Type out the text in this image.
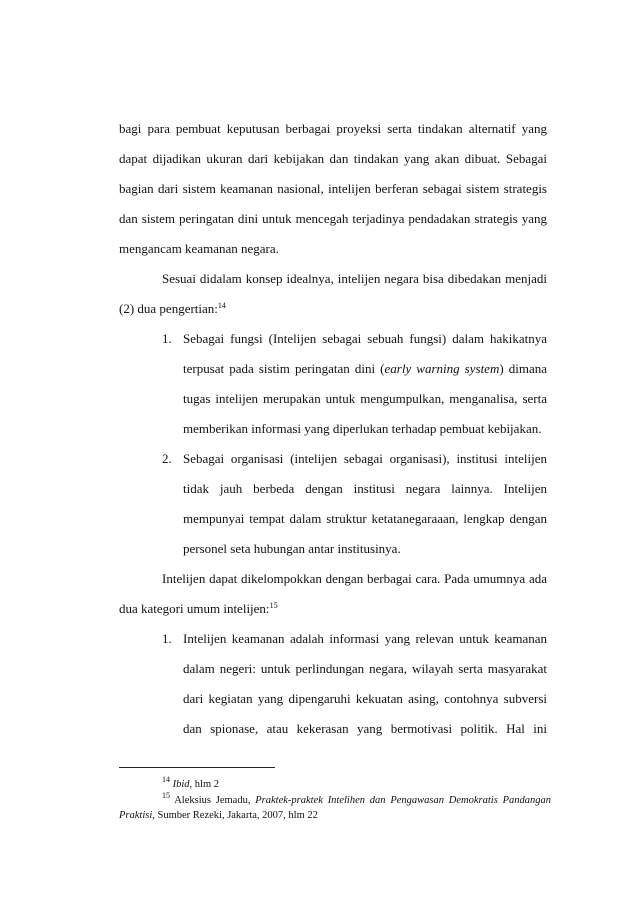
bagi para pembuat keputusan berbagai proyeksi serta tindakan alternatif yang
dapat dijadikan ukuran dari kebijakan dan tindakan yang akan dibuat. Sebagai
bagian dari sistem keamanan nasional, intelijen berferan sebagai sistem strategis
dan sistem peringatan dini untuk mencegah terjadinya pendadakan strategis yang
mengancam keamanan negara.
Sesuai didalam konsep idealnya, intelijen negara bisa dibedakan menjadi
(2) dua pengertian:$^{14}$
1. Sebagai fungsi (Intelijen sebagai sebuah fungsi) dalam hakikatnya
terpusat pada sistim peringatan dini (early warning system) dimana
tugas intelijen merupakan untuk mengumpulkan, menganalisa, serta
memberikan informasi yang diperlukan terhadap pembuat kebijakan.
2. Sebagai organisasi (intelijen sebagai organisasi), institusi intelijen
tidak jauh berbeda dengan institusi negara lainnya. Intelijen
mempunyai tempat dalam struktur ketatanegaraaan, lengkap dengan
personel seta hubungan antar institusinya.
Intelijen dapat dikelompokkan dengan berbagai cara. Pada umumnya ada
dua kategori umum intelijen:$^{15}$
1. Intelijen keamanan adalah informasi yang relevan untuk keamanan
dalam negeri: untuk perlindungan negara, wilayah serta masyarakat
dari kegiatan yang dipengaruhi kekuatan asing, contohnya subversi
dan spionase, atau kekerasan yang bermotivasi politik. Hal ini
$^{14}$ Ibid, hlm 2
$^{15}$ Aleksius Jemadu, Praktek-praktek Intelihen dan Pengawasan Demokratis Pandangan
Praktisi, Sumber Rezeki, Jakarta, 2007, hlm 22
